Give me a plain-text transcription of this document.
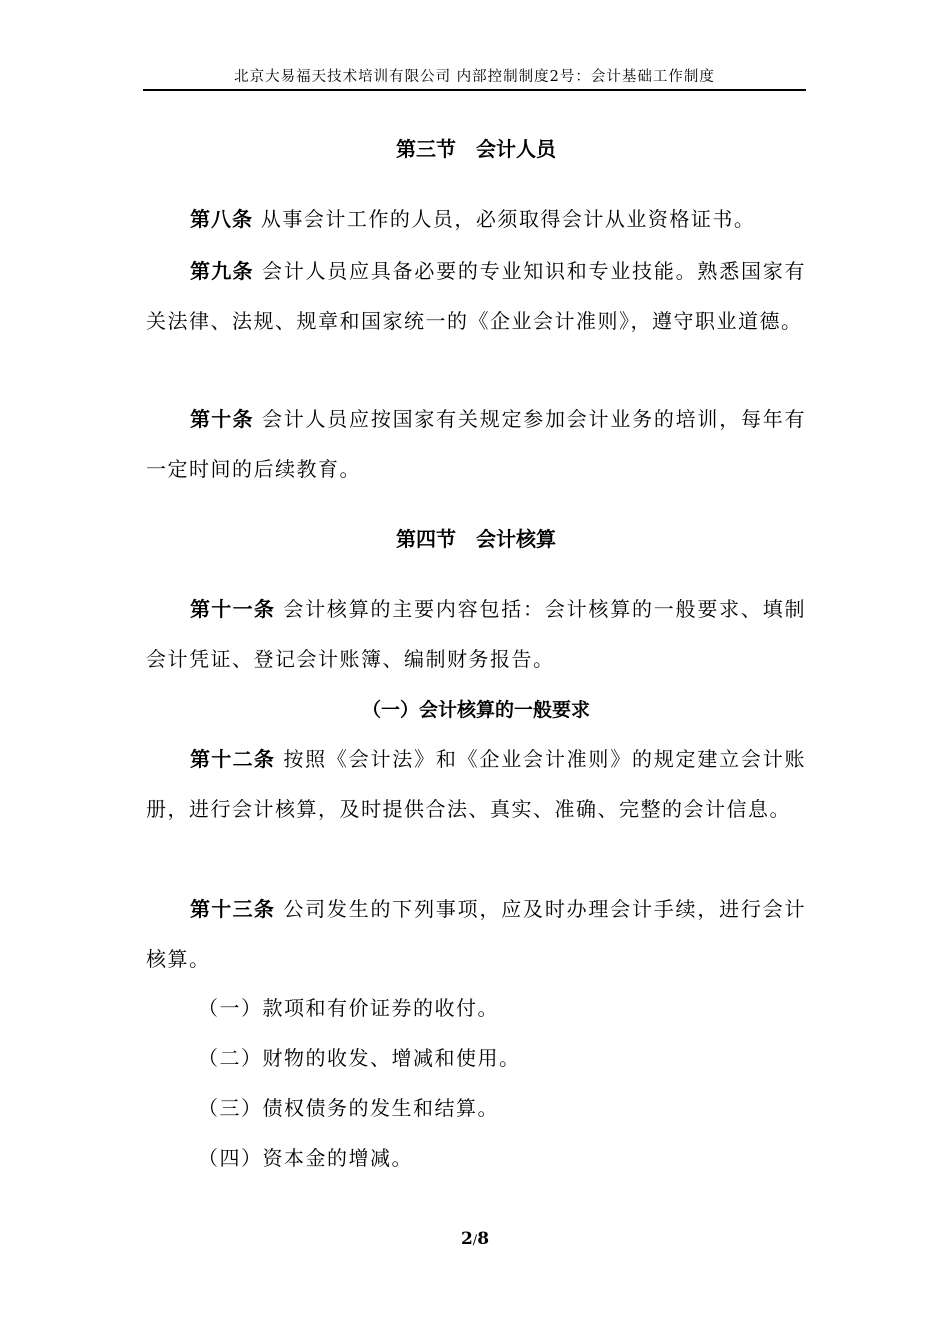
北京大易福天技术培训有限公司 内部控制制度2号：会计基础工作制度
第三节　会计人员
第八条 从事会计工作的人员，必须取得会计从业资格证书。
第九条 会计人员应具备必要的专业知识和专业技能。熟悉国家有关法律、法规、规章和国家统一的《企业会计准则》，遵守职业道德。
第十条 会计人员应按国家有关规定参加会计业务的培训，每年有一定时间的后续教育。
第四节　会计核算
第十一条 会计核算的主要内容包括：会计核算的一般要求、填制会计凭证、登记会计账簿、编制财务报告。
（一）会计核算的一般要求
第十二条 按照《会计法》和《企业会计准则》的规定建立会计账册，进行会计核算，及时提供合法、真实、准确、完整的会计信息。
第十三条 公司发生的下列事项，应及时办理会计手续，进行会计核算。
（一）款项和有价证券的收付。
（二）财物的收发、增减和使用。
（三）债权债务的发生和结算。
（四）资本金的增减。
2/8
